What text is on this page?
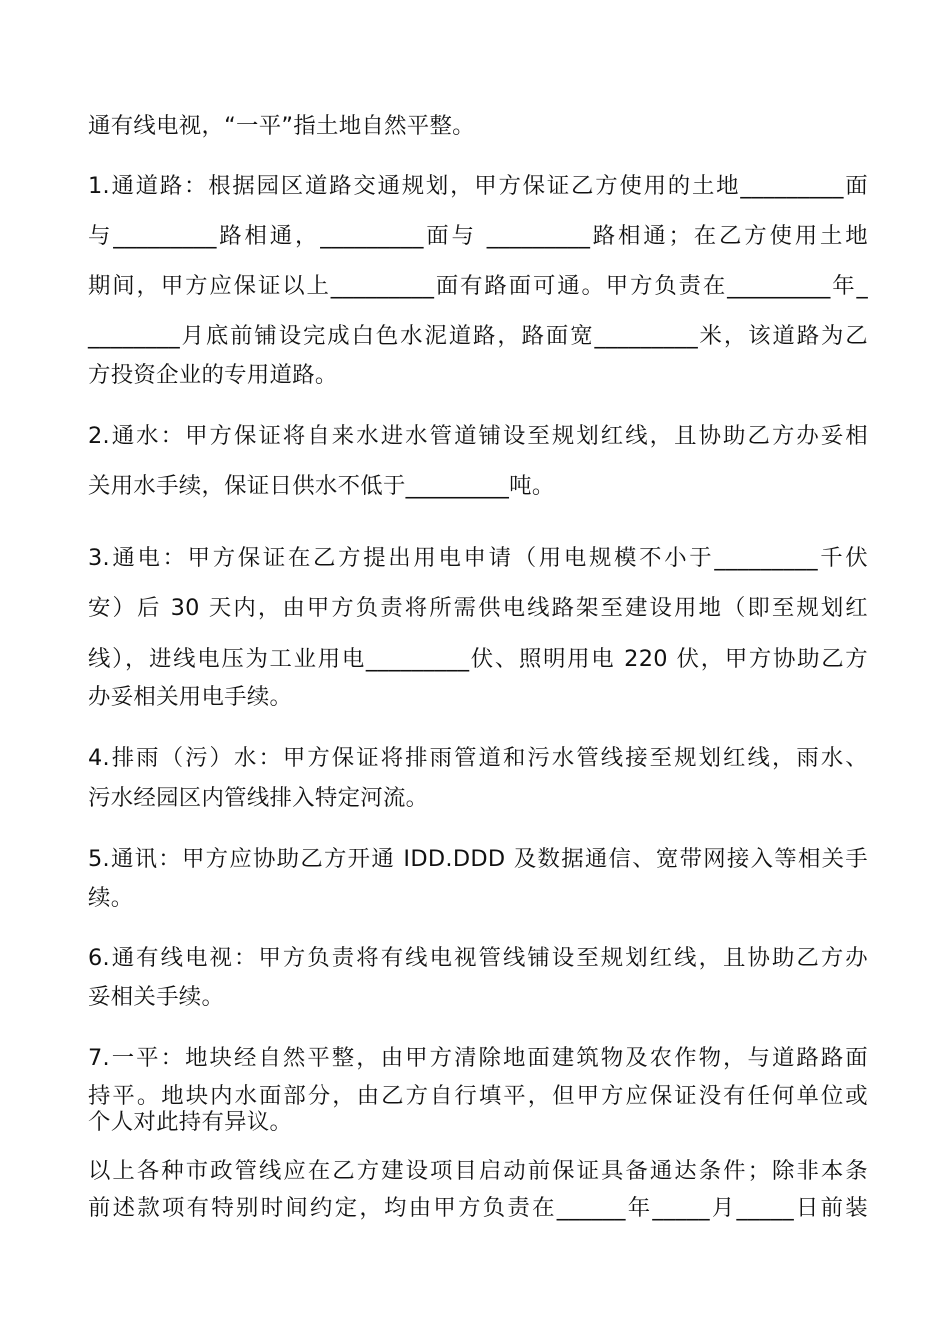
通有线电视，“一平”指土地自然平整。
1.通道路：根据园区道路交通规划，甲方保证乙方使用的土地_________面
与_________路相通，_________面与 _________路相通；在乙方使用土地
期间，甲方应保证以上_________面有路面可通。甲方负责在_________年_
________月底前铺设完成白色水泥道路，路面宽_________米，该道路为乙
方投资企业的专用道路。
2.通水：甲方保证将自来水进水管道铺设至规划红线，且协助乙方办妥相
关用水手续，保证日供水不低于_________吨。
3.通电：甲方保证在乙方提出用电申请（用电规模不小于_________千伏
安）后 30 天内，由甲方负责将所需供电线路架至建设用地（即至规划红
线），进线电压为工业用电_________伏、照明用电 220 伏，甲方协助乙方
办妥相关用电手续。
4.排雨（污）水：甲方保证将排雨管道和污水管线接至规划红线，雨水、
污水经园区内管线排入特定河流。
5.通讯：甲方应协助乙方开通 IDD.DDD 及数据通信、宽带网接入等相关手
续。
6.通有线电视：甲方负责将有线电视管线铺设至规划红线，且协助乙方办
妥相关手续。
7.一平：地块经自然平整，由甲方清除地面建筑物及农作物，与道路路面
持平。地块内水面部分，由乙方自行填平，但甲方应保证没有任何单位或
个人对此持有异议。
以上各种市政管线应在乙方建设项目启动前保证具备通达条件；除非本条
前述款项有特别时间约定，均由甲方负责在______年_____月_____日前装
